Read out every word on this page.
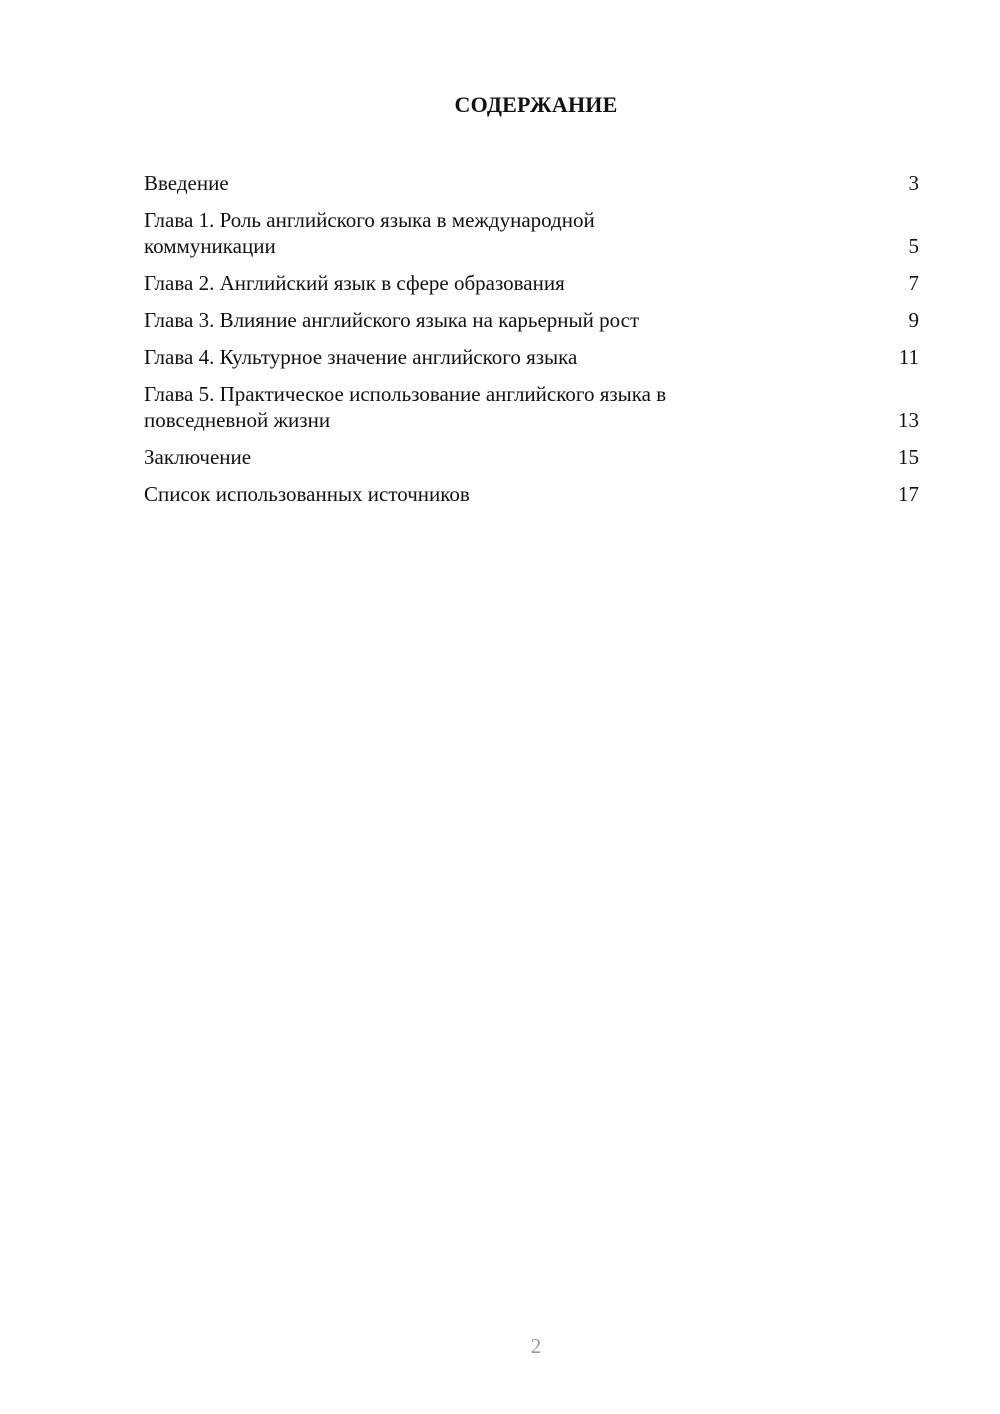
СОДЕРЖАНИЕ
Введение	3
Глава 1. Роль английского языка в международной
коммуникации	5
Глава 2. Английский язык в сфере образования	7
Глава 3. Влияние английского языка на карьерный рост	9
Глава 4. Культурное значение английского языка	11
Глава 5. Практическое использование английского языка в
повседневной жизни	13
Заключение	15
Список использованных источников	17
2
